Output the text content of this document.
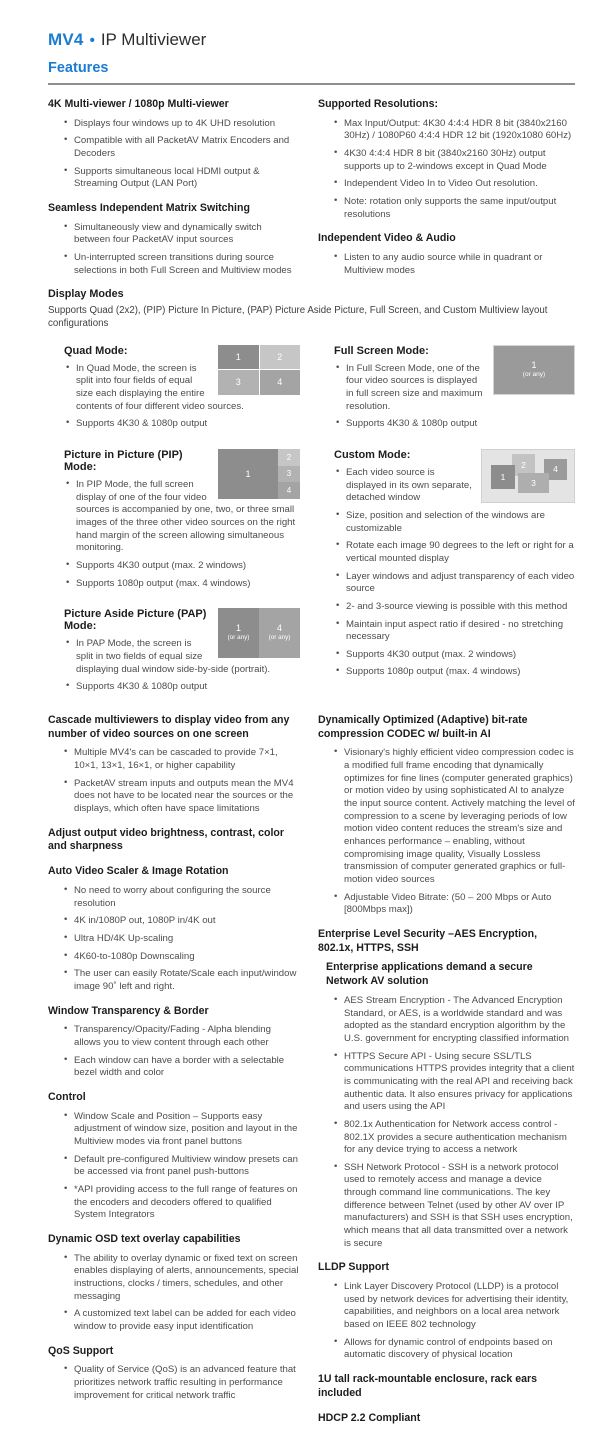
MV4 • IP Multiviewer
Features
4K Multi-viewer / 1080p Multi-viewer
• Displays four windows up to 4K UHD resolution
• Compatible with all PacketAV Matrix Encoders and Decoders
• Supports simultaneous local HDMI output & Streaming Output (LAN Port)
Seamless Independent Matrix Switching
• Simultaneously view and dynamically switch between four PacketAV input sources
• Un-interrupted screen transitions during source selections in both Full Screen and Multiview modes
Supported Resolutions:
• Max Input/Output: 4K30 4:4:4 HDR 8 bit (3840x2160 30Hz) / 1080P60 4:4:4 HDR 12 bit (1920x1080 60Hz)
• 4K30 4:4:4 HDR 8 bit (3840x2160 30Hz) output supports up to 2-windows except in Quad Mode
• Independent Video In to Video Out resolution.
• Note: rotation only supports the same input/output resolutions
Independent Video & Audio
• Listen to any audio source while in quadrant or Multiview modes
Display Modes
Supports Quad (2x2), (PIP) Picture In Picture, (PAP) Picture Aside Picture, Full Screen, and Custom Multiview layout configurations
1	2
3	4
Quad Mode:
• In Quad Mode, the screen is split into four fields of equal size each displaying the entire contents of four different video sources.
• Supports 4K30 & 1080p output
1
2
3
4
Picture in Picture (PIP) Mode:
• In PIP Mode, the full screen display of one of the four video sources is accompanied by one, two, or three small images of the three other video sources on the right hand margin of the screen allowing simultaneous monitoring.
• Supports 4K30 output (max. 2 windows)
• Supports 1080p output (max. 4 windows)
1
(or any)
4
(or any)
Picture Aside Picture (PAP) Mode:
• In PAP Mode, the screen is split in two fields of equal size displaying dual window side-by-side (portrait).
• Supports 4K30 & 1080p output
1
(or any)
Full Screen Mode:
• In Full Screen Mode, one of the four video sources is displayed in full screen size and maximum resolution.
• Supports 4K30 & 1080p output
1
2
3
4
Custom Mode:
• Each video source is displayed in its own separate, detached window
• Size, position and selection of the windows are customizable
• Rotate each image 90 degrees to the left or right for a vertical mounted display
• Layer windows and adjust transparency of each video source
• 2- and 3-source viewing is possible with this method
• Maintain input aspect ratio if desired - no stretching necessary
• Supports 4K30 output (max. 2 windows)
• Supports 1080p output (max. 4 windows)
Cascade multiviewers to display video from any number of video sources on one screen
• Multiple MV4's can be cascaded to provide 7×1, 10×1, 13×1, 16×1, or higher capability
• PacketAV stream inputs and outputs mean the MV4 does not have to be located near the sources or the displays, which often have space limitations
Adjust output video brightness, contrast, color and sharpness
Auto Video Scaler & Image Rotation
• No need to worry about configuring the source resolution
• 4K in/1080P out, 1080P in/4K out
• Ultra HD/4K Up-scaling
• 4K60-to-1080p Downscaling
• The user can easily Rotate/Scale each input/window image 90˚ left and right.
Window Transparency & Border
• Transparency/Opacity/Fading - Alpha blending allows you to view content through each other
• Each window can have a border with a selectable bezel width and color
Control
• Window Scale and Position – Supports easy adjustment of window size, position and layout in the Multiview modes via front panel buttons
• Default pre-configured Multiview window presets can be accessed via front panel push-buttons
• *API providing access to the full range of features on the encoders and decoders offered to qualified System Integrators
Dynamic OSD text overlay capabilities
• The ability to overlay dynamic or fixed text on screen enables displaying of alerts, announcements, special instructions, clocks / timers, schedules, and other messaging
• A customized text label can be added for each video window to provide easy input identification
QoS Support
• Quality of Service (QoS) is an advanced feature that prioritizes network traffic resulting in performance improvement for critical network traffic
Dynamically Optimized (Adaptive) bit-rate compression CODEC w/ built-in AI
• Visionary's highly efficient video compression codec is a modified full frame encoding that dynamically optimizes for fine lines (computer generated graphics) or motion video by using sophisticated AI to analyze the input source content. Actively matching the level of compression to a scene by leveraging periods of low motion video content reduces the stream's size and enhances performance – enabling, without compromising image quality, Visually Lossless transmission of computer generated graphics or full-motion video sources
• Adjustable Video Bitrate: (50 – 200 Mbps or Auto [800Mbps max])
Enterprise Level Security –AES Encryption, 802.1x, HTTPS, SSH
Enterprise applications demand a secure Network AV solution
• AES Stream Encryption - The Advanced Encryption Standard, or AES, is a worldwide standard and was adopted as the standard encryption algorithm by the U.S. government for encrypting classified information
• HTTPS Secure API - Using secure SSL/TLS communications HTTPS provides integrity that a client is communicating with the real API and receiving back authentic data. It also ensures privacy for applications and users using the API
• 802.1x Authentication for Network access control - 802.1X provides a secure authentication mechanism for any device trying to access a network
• SSH Network Protocol - SSH is a network protocol used to remotely access and manage a device through command line communications. The key difference between Telnet (used by other AV over IP manufacturers) and SSH is that SSH uses encryption, which means that all data transmitted over a network is secure
LLDP Support
• Link Layer Discovery Protocol (LLDP) is a protocol used by network devices for advertising their identity, capabilities, and neighbors on a local area network based on IEEE 802 technology
• Allows for dynamic control of endpoints based on automatic discovery of physical location
1U tall rack-mountable enclosure, rack ears included
HDCP 2.2 Compliant
